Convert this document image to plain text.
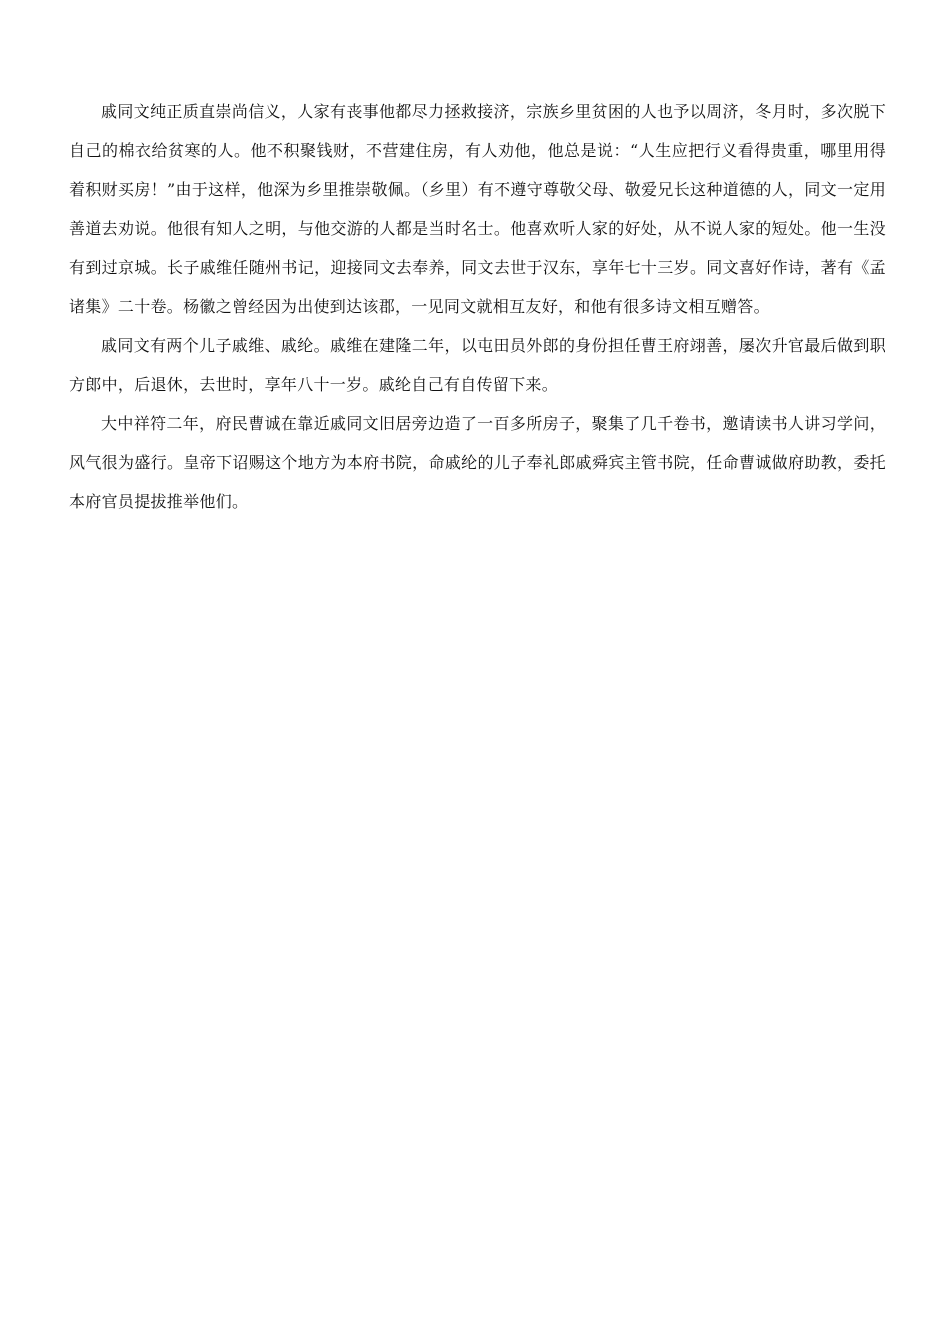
戚同文纯正质直崇尚信义，人家有丧事他都尽力拯救接济，宗族乡里贫困的人也予以周济，冬月时，多次脱下自己的棉衣给贫寒的人。他不积聚钱财，不营建住房，有人劝他，他总是说：“人生应把行义看得贵重，哪里用得着积财买房！”由于这样，他深为乡里推崇敬佩。（乡里）有不遵守尊敬父母、敬爱兄长这种道德的人，同文一定用善道去劝说。他很有知人之明，与他交游的人都是当时名士。他喜欢听人家的好处，从不说人家的短处。他一生没有到过京城。长子戚维任随州书记，迎接同文去奉养，同文去世于汉东，享年七十三岁。同文喜好作诗，著有《孟诸集》二十卷。杨徽之曾经因为出使到达该郡，一见同文就相互友好，和他有很多诗文相互赠答。

戚同文有两个儿子戚维、戚纶。戚维在建隆二年，以屯田员外郎的身份担任曹王府翊善，屡次升官最后做到职方郎中，后退休，去世时，享年八十一岁。戚纶自己有自传留下来。

大中祥符二年，府民曹诚在靠近戚同文旧居旁边造了一百多所房子，聚集了几千卷书，邀请读书人讲习学问，风气很为盛行。皇帝下诏赐这个地方为本府书院，命戚纶的儿子奉礼郎戚舜宾主管书院，任命曹诚做府助教，委托本府官员提拔推举他们。
